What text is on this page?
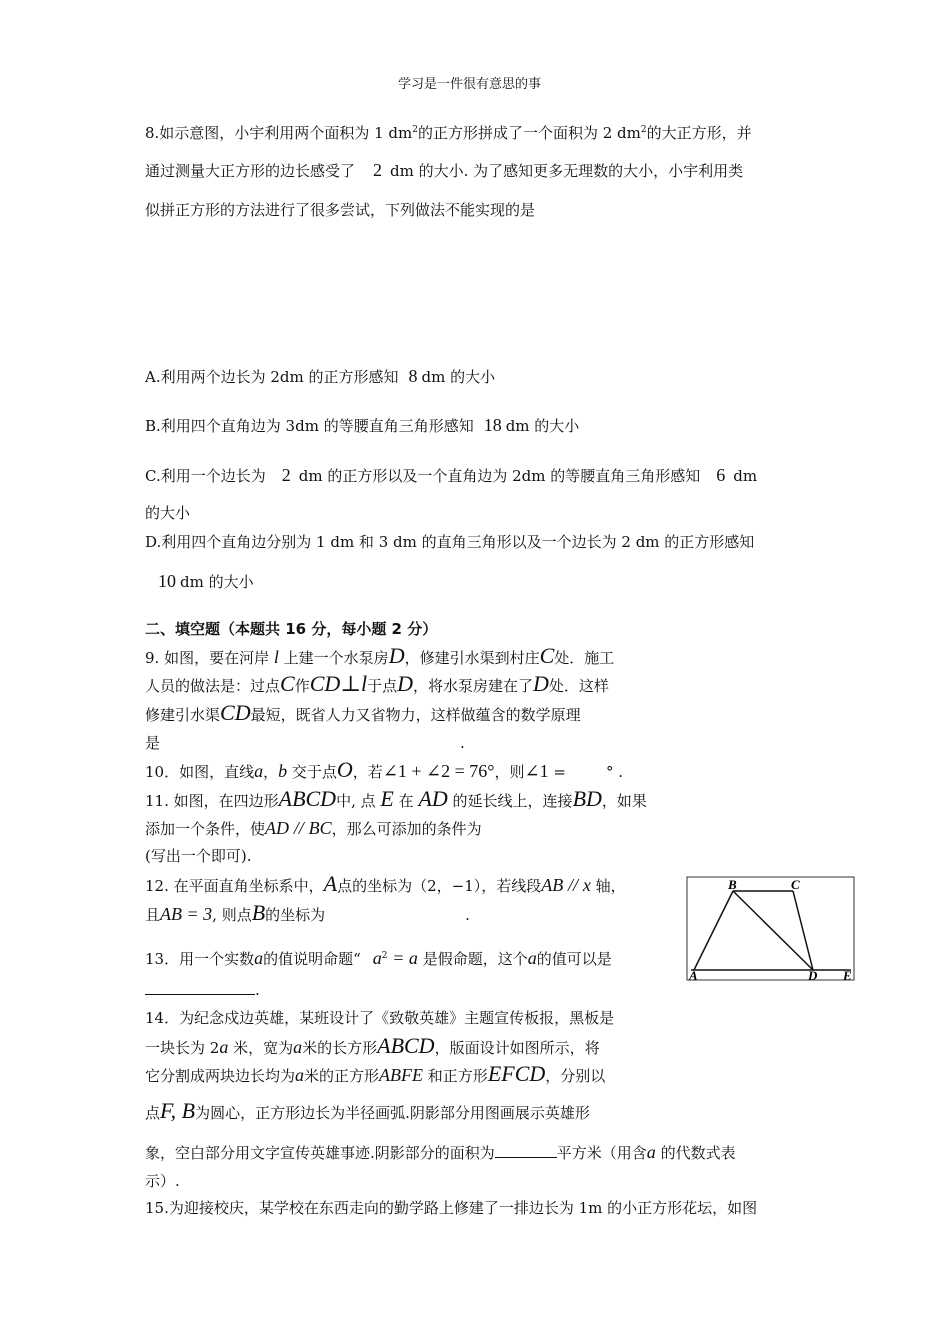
学习是一件很有意思的事
8.如示意图，小宇利用两个面积为 1 $dm^2$的正方形拼成了一个面积为 2 $dm^2$的大正方形，并
通过测量大正方形的边长感受了 2 dm 的大小. 为了感知更多无理数的大小，小宇利用类
似拼正方形的方法进行了很多尝试，下列做法不能实现的是
A.利用两个边长为 2dm 的正方形感知 8 dm 的大小
B.利用四个直角边为 3dm 的等腰直角三角形感知 18 dm 的大小
C.利用一个边长为 2 dm 的正方形以及一个直角边为 2dm 的等腰直角三角形感知 6 dm
的大小
D.利用四个直角边分别为 1 dm 和 3 dm 的直角三角形以及一个边长为 2 dm 的正方形感知
10 dm 的大小
二、填空题（本题共 16 分，每小题 2 分）
9. 如图，要在河岸 l 上建一个水泵房D，修建引水渠到村庄C处．施工
人员的做法是：过点C作CD⊥l于点D，将水泵房建在了D处．这样
修建引水渠CD最短，既省人力又省物力，这样做蕴含的数学原理
是	.
10．如图，直线a，b 交于点O，若∠1 + ∠2 = 76°，则∠1 =	° .
11. 如图，在四边形ABCD中, 点 E 在 AD 的延长线上，连接BD，如果
添加一个条件，使AD // BC，那么可添加的条件为
(写出一个即可).
12. 在平面直角坐标系中，A点的坐标为（2，−1），若线段AB // x 轴，
且AB = 3, 则点B的坐标为	.
13．用一个实数a的值说明命题“ $a^2 = a$ 是假命题，这个a的值可以是
.
14．为纪念戍边英雄，某班设计了《致敬英雄》主题宣传板报，黑板是
一块长为 2a 米，宽为a米的长方形ABCD，版面设计如图所示，将
它分割成两块边长均为a米的正方形ABFE 和正方形EFCD，分别以
点F, B为圆心，正方形边长为半径画弧.阴影部分用图画展示英雄形
象，空白部分用文字宣传英雄事迹.阴影部分的面积为	平方米（用含a 的代数式表
示）.
15.为迎接校庆，某学校在东西走向的勤学路上修建了一排边长为 1m 的小正方形花坛，如图
B	C
A	D E
